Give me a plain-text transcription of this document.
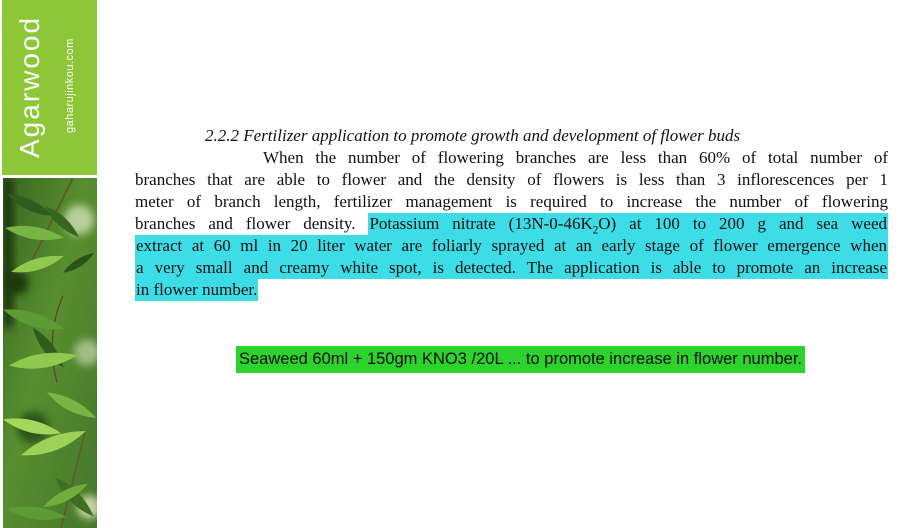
Agarwood gaharujinkou.com
2.2.2 Fertilizer application to promote growth and development of flower buds
When the number of flowering branches are less than 60% of total number of
branches that are able to flower and the density of flowers is less than 3 inflorescences per 1
meter of branch length, fertilizer management is required to increase the number of flowering
branches and flower density. Potassium nitrate $(13N-0-46K_2O)$ at 100 to 200 g and sea weed
extract at 60 ml in 20 liter water are foliarly sprayed at an early stage of flower emergence when
a very small and creamy white spot, is detected. The application is able to promote an increase
in flower number.
Seaweed 60ml + 150gm KNO3 /20L ... to promote increase in flower number.
